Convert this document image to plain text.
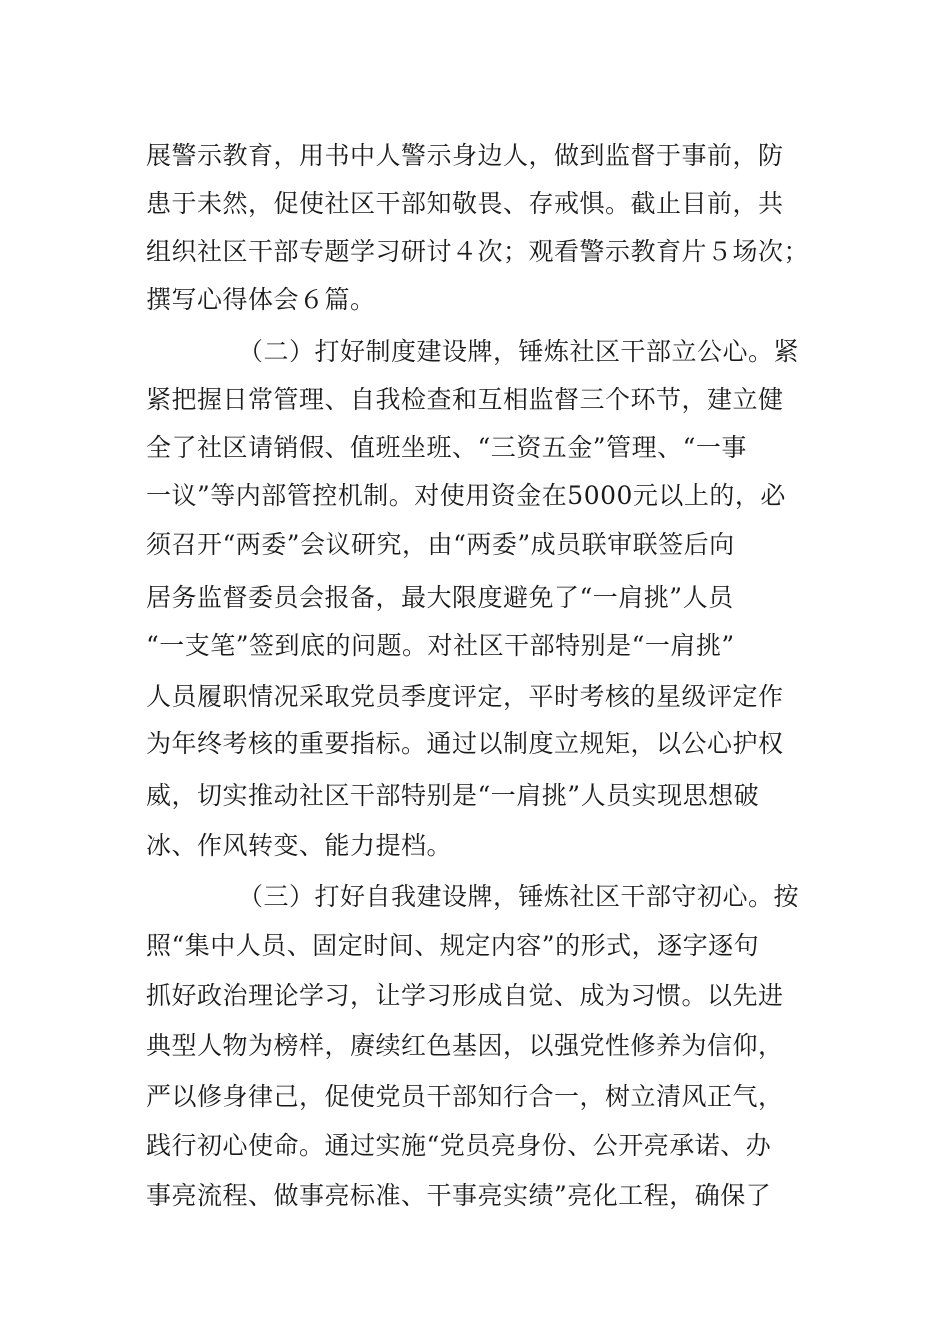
展警示教育，用书中人警示身边人，做到监督于事前，防
患于未然，促使社区干部知敬畏、存戒惧。截止目前，共
组织社区干部专题学习研讨４次；观看警示教育片５场次；
撰写心得体会６篇。
（二）打好制度建设牌，锤炼社区干部立公心。紧
紧把握日常管理、自我检查和互相监督三个环节，建立健
全了社区请销假、值班坐班、“三资五金”管理、“一事
一议”等内部管控机制。对使用资金在5000元以上的，必
须召开“两委”会议研究，由“两委”成员联审联签后向
居务监督委员会报备，最大限度避免了“一肩挑”人员
“一支笔”签到底的问题。对社区干部特别是“一肩挑”
人员履职情况采取党员季度评定，平时考核的星级评定作
为年终考核的重要指标。通过以制度立规矩，以公心护权
威，切实推动社区干部特别是“一肩挑”人员实现思想破
冰、作风转变、能力提档。
（三）打好自我建设牌，锤炼社区干部守初心。按
照“集中人员、固定时间、规定内容”的形式，逐字逐句
抓好政治理论学习，让学习形成自觉、成为习惯。以先进
典型人物为榜样，赓续红色基因，以强党性修养为信仰，
严以修身律己，促使党员干部知行合一，树立清风正气，
践行初心使命。通过实施“党员亮身份、公开亮承诺、办
事亮流程、做事亮标准、干事亮实绩”亮化工程，确保了
